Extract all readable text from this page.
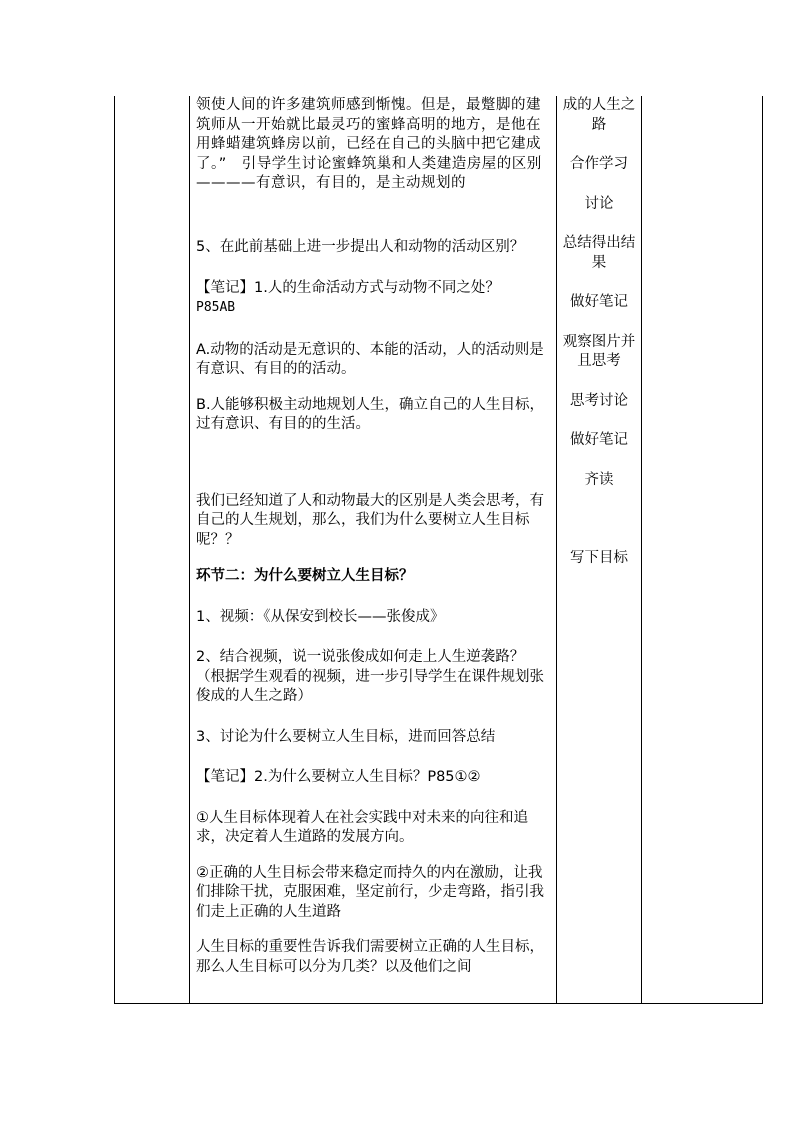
领使人间的许多建筑师感到惭愧。但是，最蹩脚的建筑师从一开始就比最灵巧的蜜蜂高明的地方，是他在用蜂蜡建筑蜂房以前，已经在自己的头脑中把它建成了。”　引导学生讨论蜜蜂筑巢和人类建造房屋的区别————有意识，有目的，是主动规划的

5、在此前基础上进一步提出人和动物的活动区别？

【笔记】1.人的生命活动方式与动物不同之处？
P85AB

A.动物的活动是无意识的、本能的活动，人的活动则是有意识、有目的的活动。

B.人能够积极主动地规划人生，确立自己的人生目标，过有意识、有目的的生活。

我们已经知道了人和动物最大的区别是人类会思考，有自己的人生规划，那么，我们为什么要树立人生目标呢？？

环节二：为什么要树立人生目标？

1、视频：《从保安到校长——张俊成》

2、结合视频，说一说张俊成如何走上人生逆袭路？（根据学生观看的视频，进一步引导学生在课件规划张俊成的人生之路）

3、讨论为什么要树立人生目标，进而回答总结

【笔记】2.为什么要树立人生目标？P85①②

①人生目标体现着人在社会实践中对未来的向往和追求，决定着人生道路的发展方向。

②正确的人生目标会带来稳定而持久的内在激励，让我们排除干扰，克服困难，坚定前行，少走弯路，指引我们走上正确的人生道路

人生目标的重要性告诉我们需要树立正确的人生目标，那么人生目标可以分为几类？以及他们之间

成的人生之路

合作学习

讨论

总结得出结果

做好笔记

观察图片并且思考

思考讨论

做好笔记

齐读

写下目标
